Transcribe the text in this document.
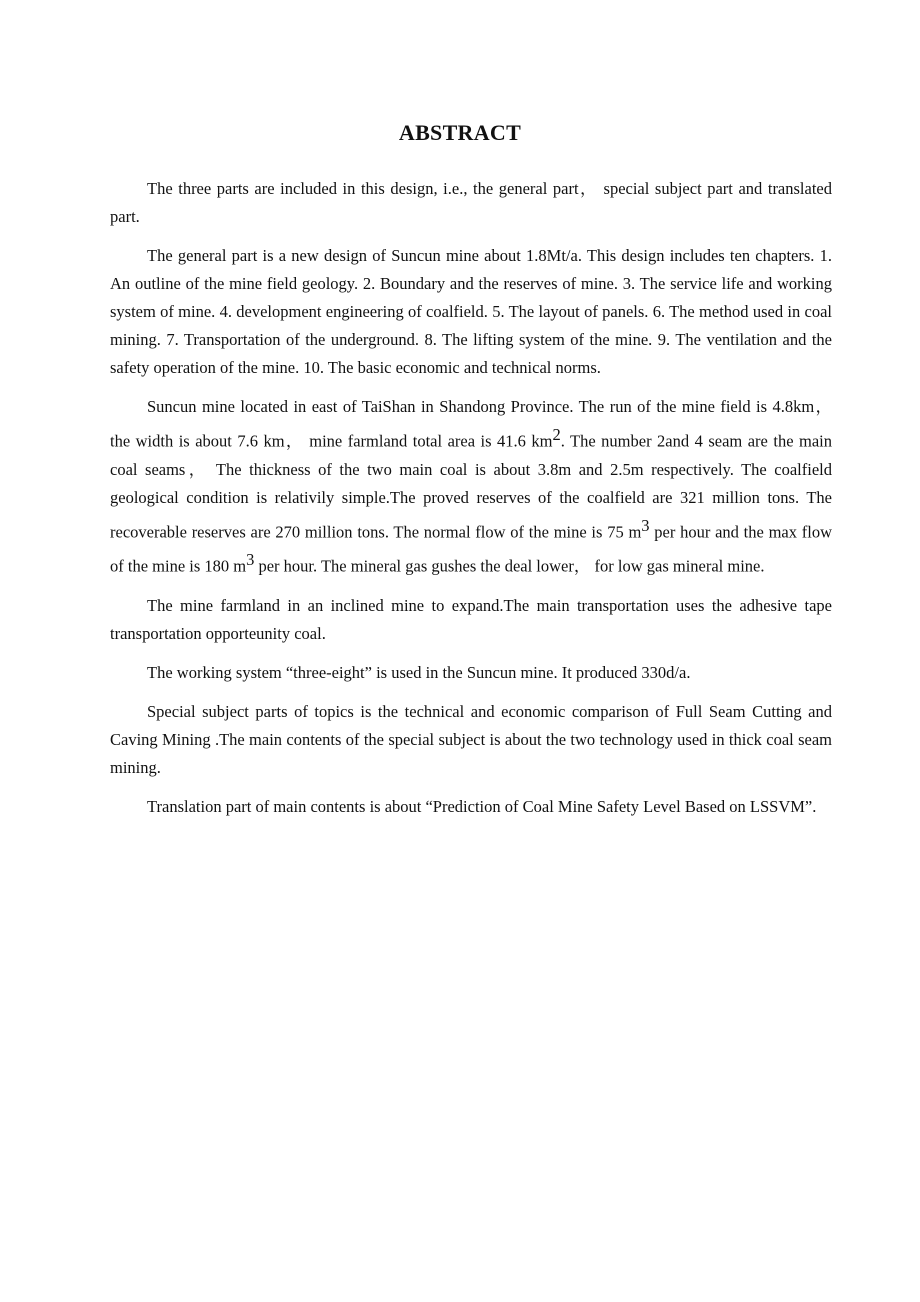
ABSTRACT

The three parts are included in this design, i.e., the general part， special subject part and translated part.

The general part is a new design of Suncun mine about 1.8Mt/a. This design includes ten chapters. 1. An outline of the mine field geology. 2. Boundary and the reserves of mine. 3. The service life and working system of mine. 4. development engineering of coalfield. 5. The layout of panels. 6. The method used in coal mining. 7. Transportation of the underground. 8. The lifting system of the mine. 9. The ventilation and the safety operation of the mine. 10. The basic economic and technical norms.

Suncun mine located in east of TaiShan in Shandong Province. The run of the mine field is 4.8km， the width is about 7.6 km， mine farmland total area is 41.6 $km^2$. The number 2and 4 seam are the main coal seams， The thickness of the two main coal is about 3.8m and 2.5m respectively. The coalfield geological condition is relativily simple.The proved reserves of the coalfield are 321 million tons. The recoverable reserves are 270 million tons. The normal flow of the mine is 75 $m^3$ per hour and the max flow of the mine is 180 $m^3$ per hour. The mineral gas gushes the deal lower， for low gas mineral mine.

The mine farmland in an inclined mine to expand.The main transportation uses the adhesive tape transportation opporteunity coal.

The working system “three-eight” is used in the Suncun mine. It produced 330d/a.

Special subject parts of topics is the technical and economic comparison of Full Seam Cutting and Caving Mining .The main contents of the special subject is about the two technology used in thick coal seam mining.

Translation part of main contents is about “Prediction of Coal Mine Safety Level Based on LSSVM”.
